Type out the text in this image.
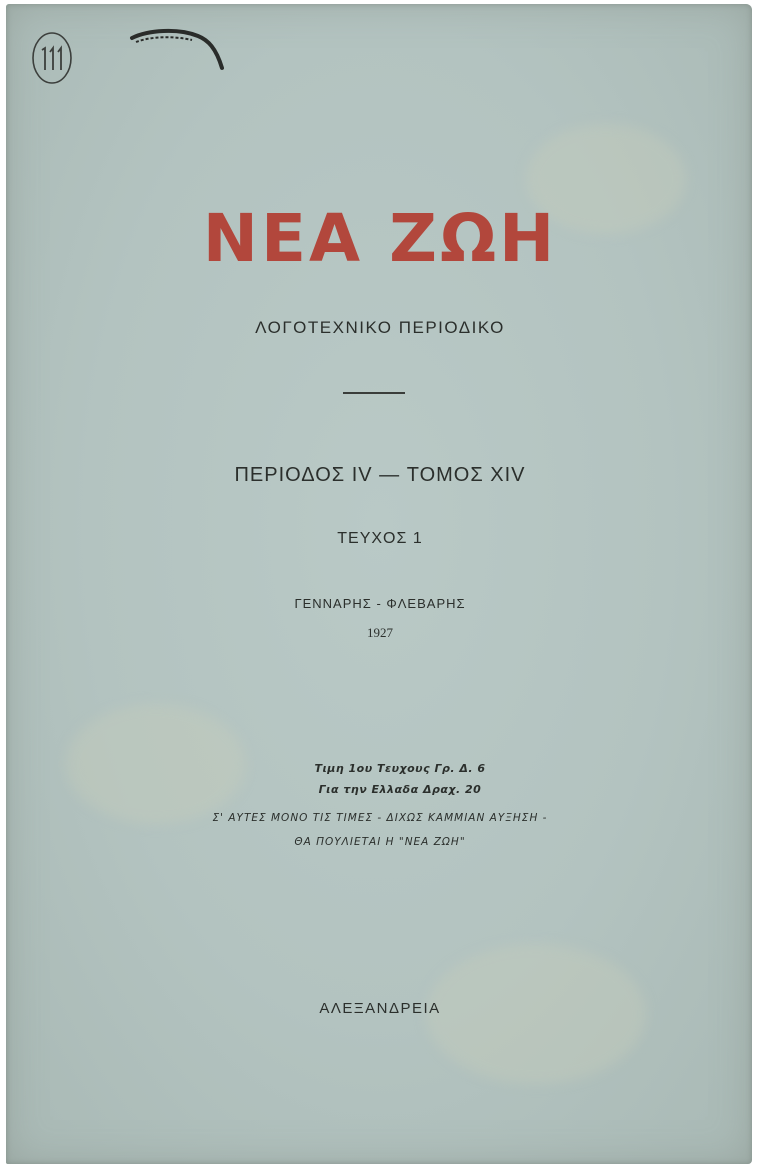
ΝΕΑ ΖΩΗ
ΛΟΓΟΤΕΧΝΙΚΟ ΠΕΡΙΟΔΙΚΟ
ΠΕΡΙΟΔΟΣ IV — ΤΟΜΟΣ XIV
ΤΕΥΧΟΣ 1
ΓΕΝΝΑΡΗΣ - ΦΛΕΒΑΡΗΣ
1927
Τιμη 1ου Τευχους Γρ. Δ. 6
Για την Ελλαδα Δραχ. 20
Σ' ΑΥΤΕΣ ΜΟΝΟ ΤΙΣ ΤΙΜΕΣ - ΔΙΧΩΣ ΚΑΜΜΙΑΝ ΑΥΞΗΣΗ -
ΘΑ ΠΟΥΛΙΕΤΑΙ Η "ΝΕΑ ΖΩΗ"
ΑΛΕΞΑΝΔΡΕΙΑ
